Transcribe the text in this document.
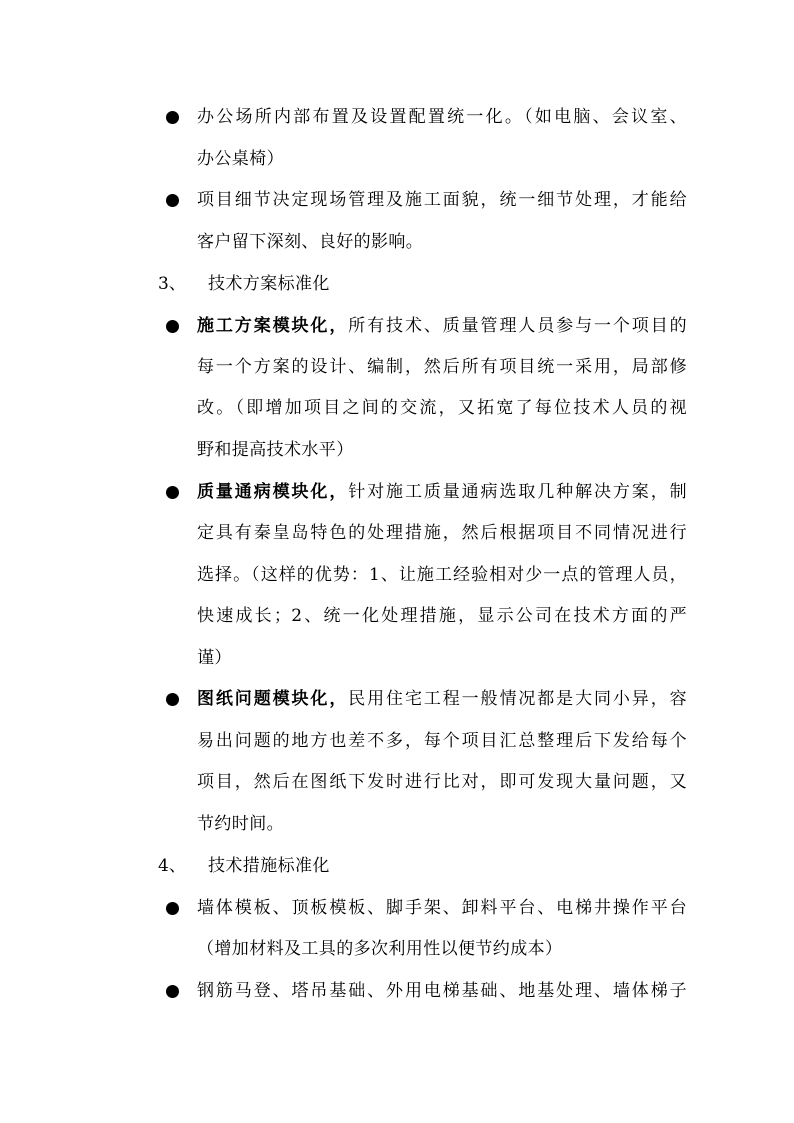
办公场所内部布置及设置配置统一化。（如电脑、会议室、
办公桌椅）
项目细节决定现场管理及施工面貌，统一细节处理，才能给
客户留下深刻、良好的影响。
3、 技术方案标准化
施工方案模块化，所有技术、质量管理人员参与一个项目的
每一个方案的设计、编制，然后所有项目统一采用，局部修
改。（即增加项目之间的交流，又拓宽了每位技术人员的视
野和提高技术水平）
质量通病模块化，针对施工质量通病选取几种解决方案，制
定具有秦皇岛特色的处理措施，然后根据项目不同情况进行
选择。（这样的优势：1、让施工经验相对少一点的管理人员，
快速成长；2、统一化处理措施，显示公司在技术方面的严
谨）
图纸问题模块化，民用住宅工程一般情况都是大同小异，容
易出问题的地方也差不多，每个项目汇总整理后下发给每个
项目，然后在图纸下发时进行比对，即可发现大量问题，又
节约时间。
4、 技术措施标准化
墙体模板、顶板模板、脚手架、卸料平台、电梯井操作平台
（增加材料及工具的多次利用性以便节约成本）
钢筋马登、塔吊基础、外用电梯基础、地基处理、墙体梯子
